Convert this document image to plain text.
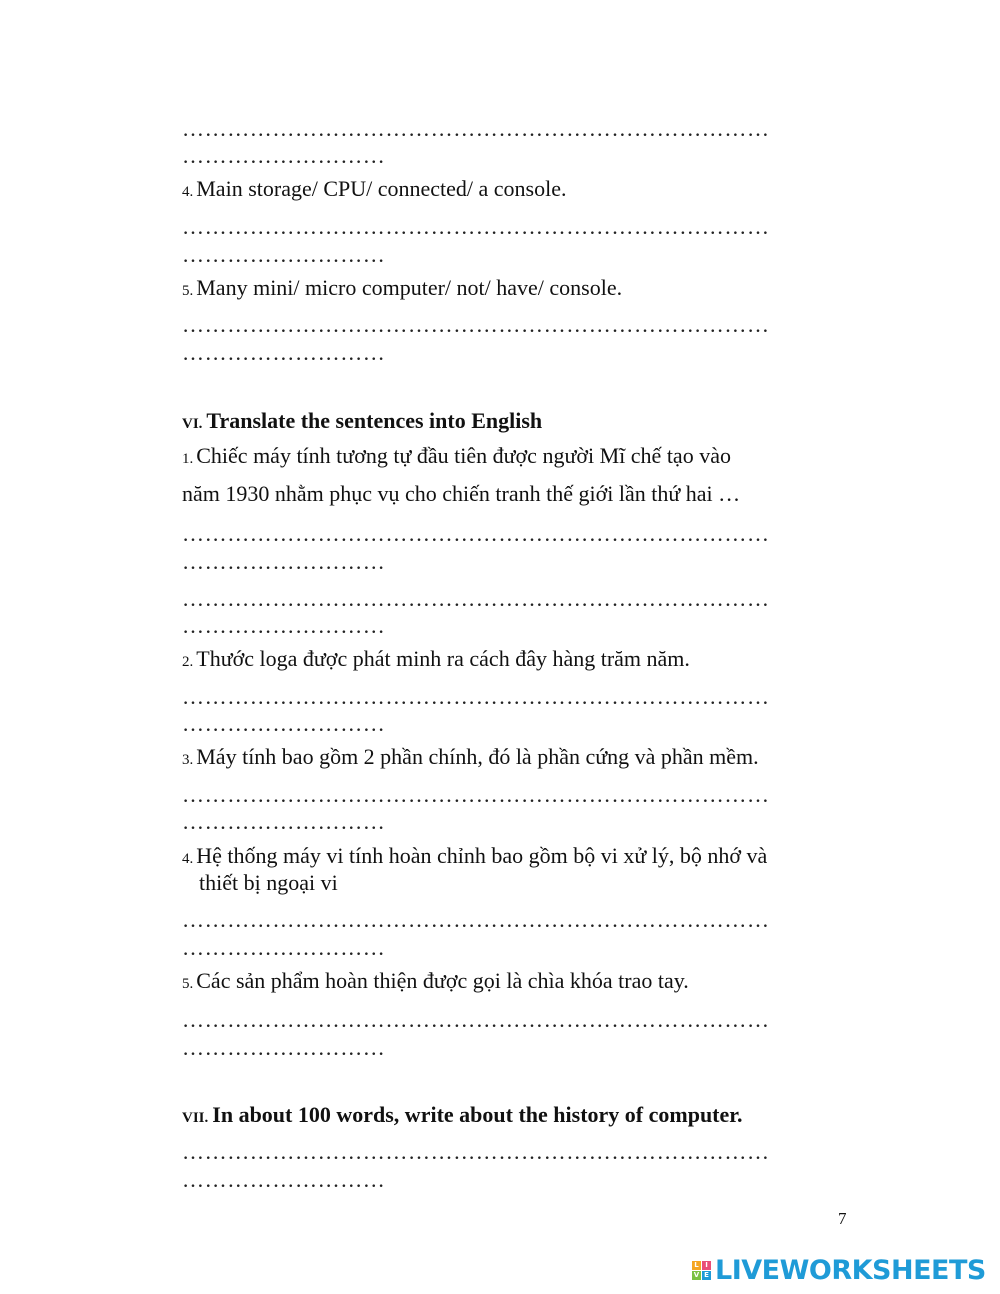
……………………………………………………………………
………………………
4. Main storage/ CPU/ connected/ a console.
……………………………………………………………………
………………………
5. Many mini/ micro computer/ not/ have/ console.
……………………………………………………………………
………………………
VI. Translate the sentences into English
1. Chiếc máy tính tương tự đầu tiên được người Mĩ chế tạo vào
năm 1930 nhằm phục vụ cho chiến tranh thế giới lần thứ hai …
……………………………………………………………………
………………………
……………………………………………………………………
………………………
2. Thước loga được phát minh ra cách đây hàng trăm năm.
……………………………………………………………………
………………………
3. Máy tính bao gồm 2 phần chính, đó là phần cứng và phần mềm.
……………………………………………………………………
………………………
4. Hệ thống máy vi tính hoàn chỉnh bao gồm bộ vi xử lý, bộ nhớ và
thiết bị ngoại vi
……………………………………………………………………
………………………
5. Các sản phẩm hoàn thiện được gọi là chìa khóa trao tay.
……………………………………………………………………
………………………
VII. In about 100 words, write about the history of computer.
……………………………………………………………………
………………………
7
L I
V E LIVEWORKSHEETS
